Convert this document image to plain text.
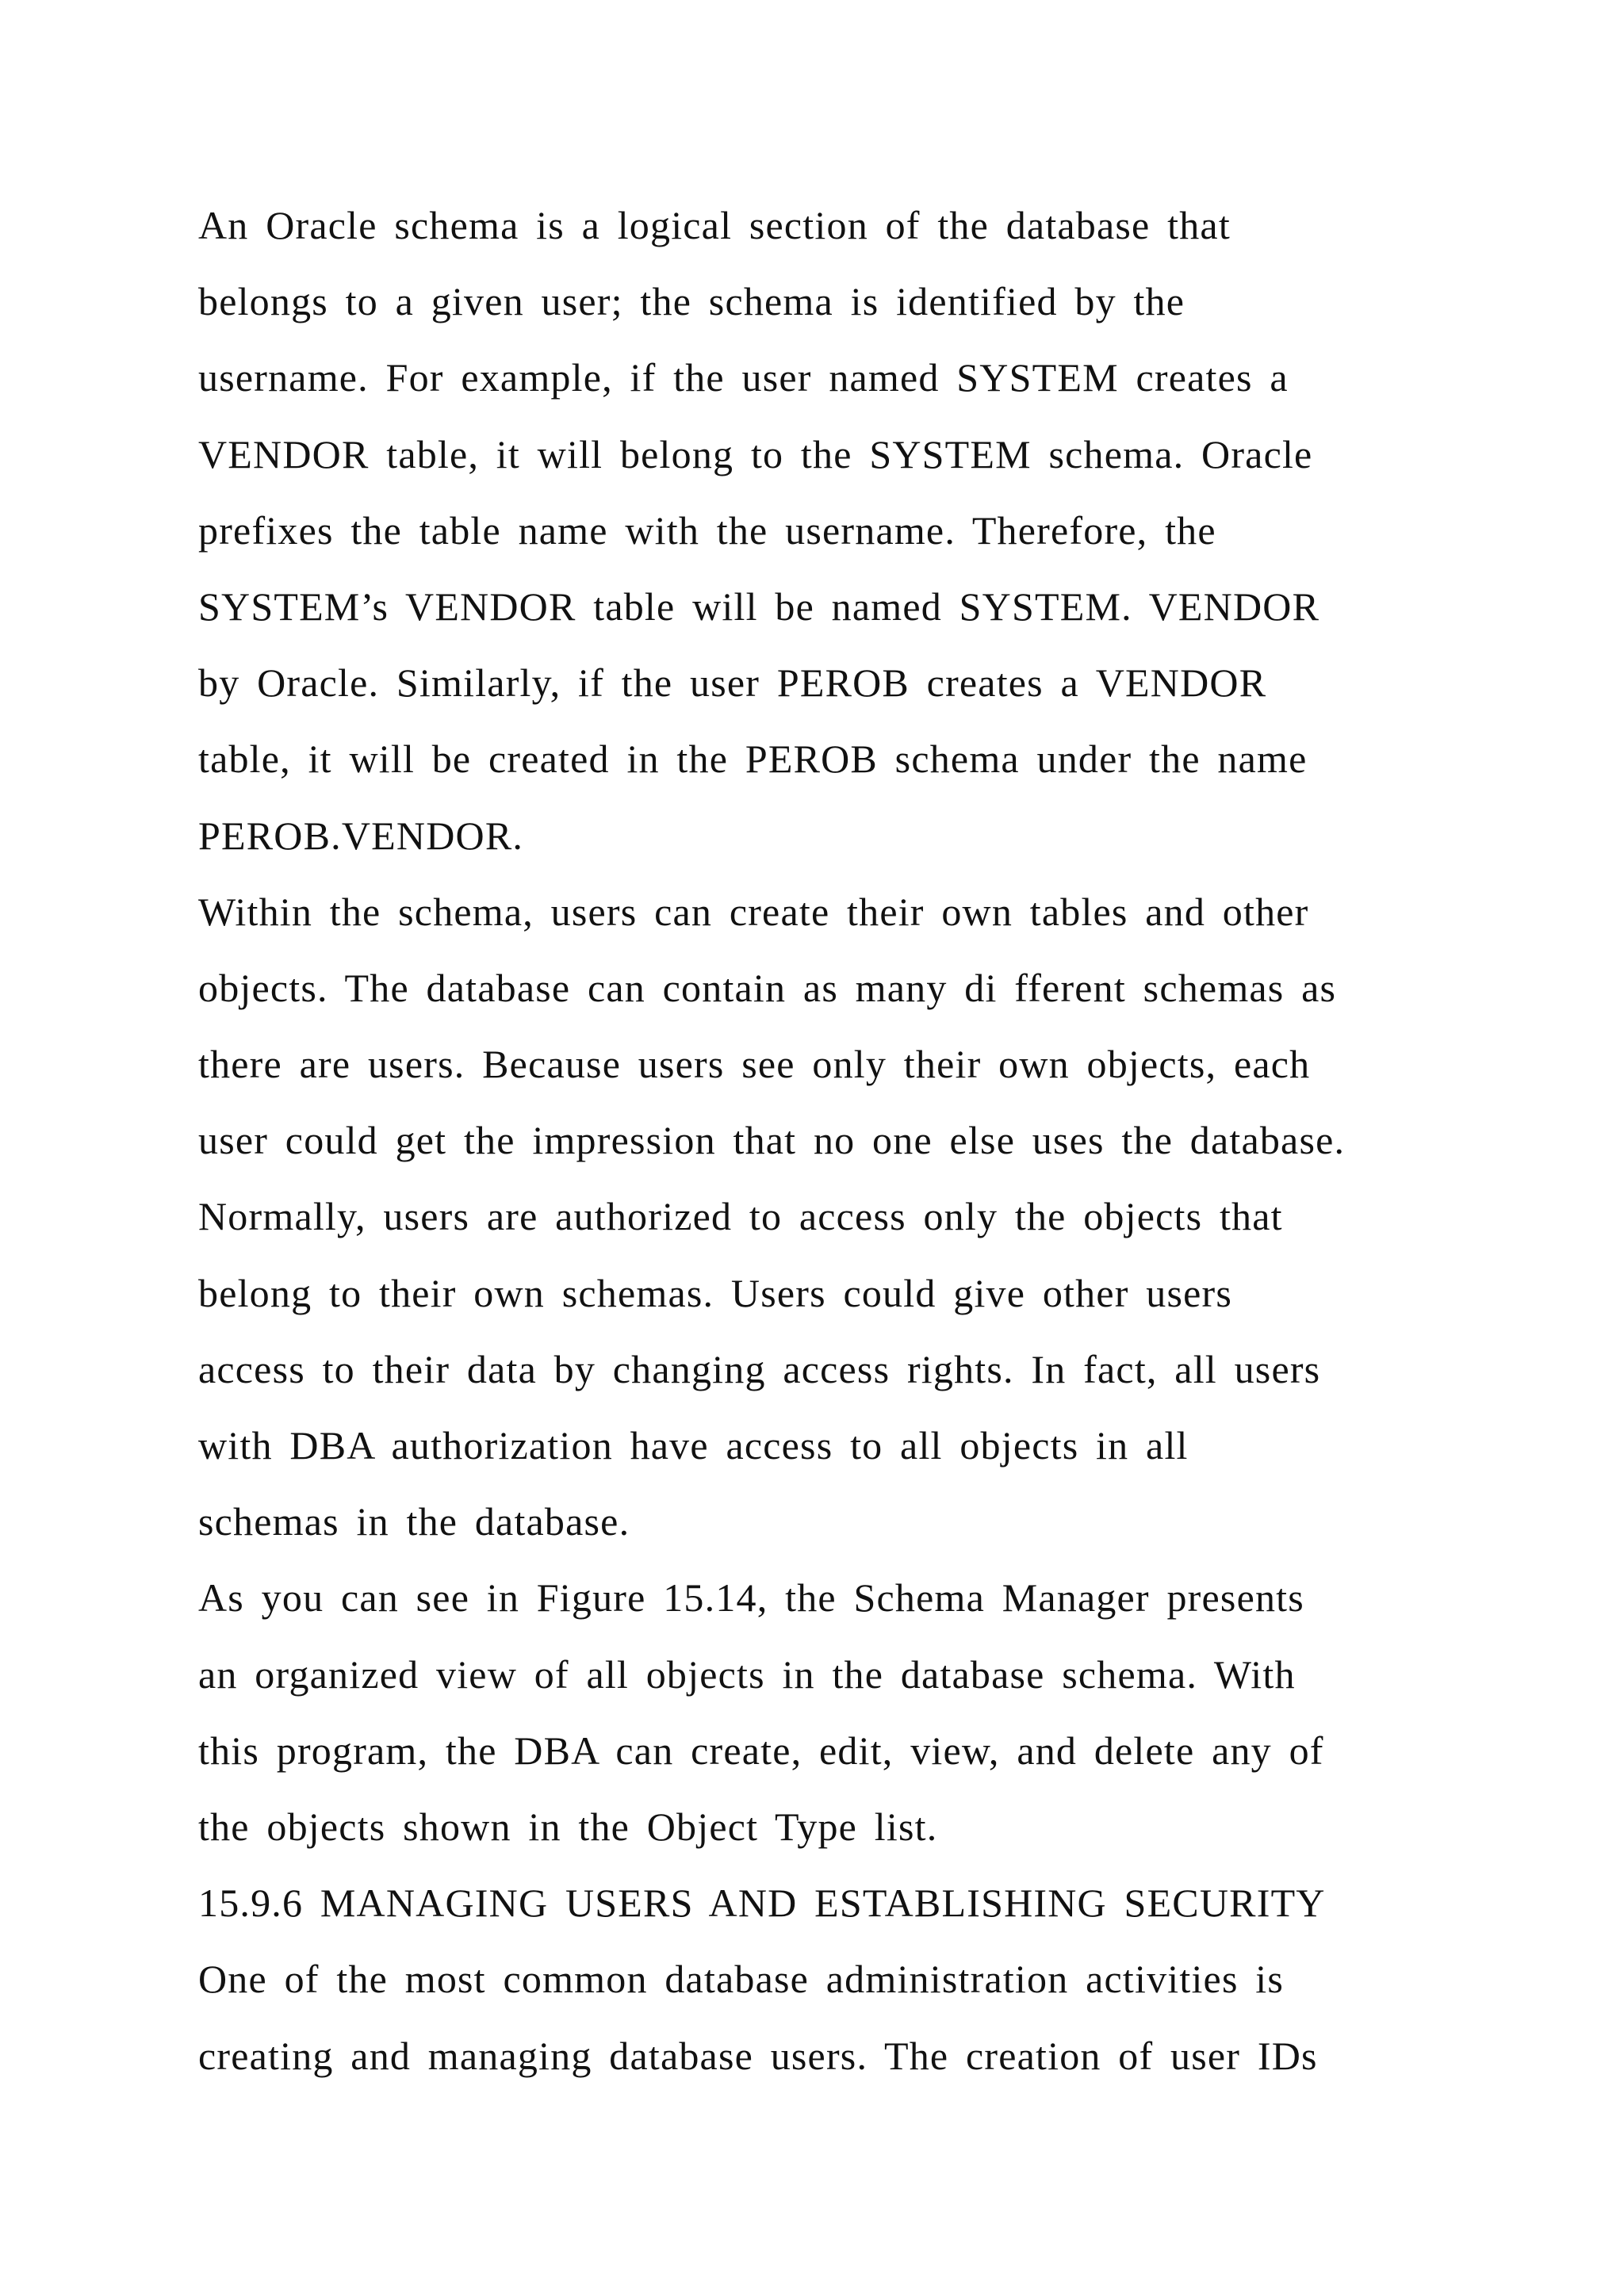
An Oracle schema is a logical section of the database that
belongs to a given user; the schema is identified by the
username. For example, if the user named SYSTEM creates a
VENDOR table, it will belong to the SYSTEM schema. Oracle
prefixes the table name with the username. Therefore, the
SYSTEM’s VENDOR table will be named SYSTEM. VENDOR
by Oracle. Similarly, if the user PEROB creates a VENDOR
table, it will be created in the PEROB schema under the name
PEROB.VENDOR.
Within the schema, users can create their own tables and other
objects. The database can contain as many di fferent schemas as
there are users. Because users see only their own objects, each
user could get the impression that no one else uses the database.
Normally, users are authorized to access only the objects that
belong to their own schemas. Users could give other users
access to their data by changing access rights. In fact, all users
with DBA authorization have access to all objects in all
schemas in the database.
As you can see in Figure 15.14, the Schema Manager presents
an organized view of all objects in the database schema. With
this program, the DBA can create, edit, view, and delete any of
the objects shown in the Object Type list.
15.9.6 MANAGING USERS AND ESTABLISHING SECURITY
One of the most common database administration activities is
creating and managing database users. The creation of user IDs
